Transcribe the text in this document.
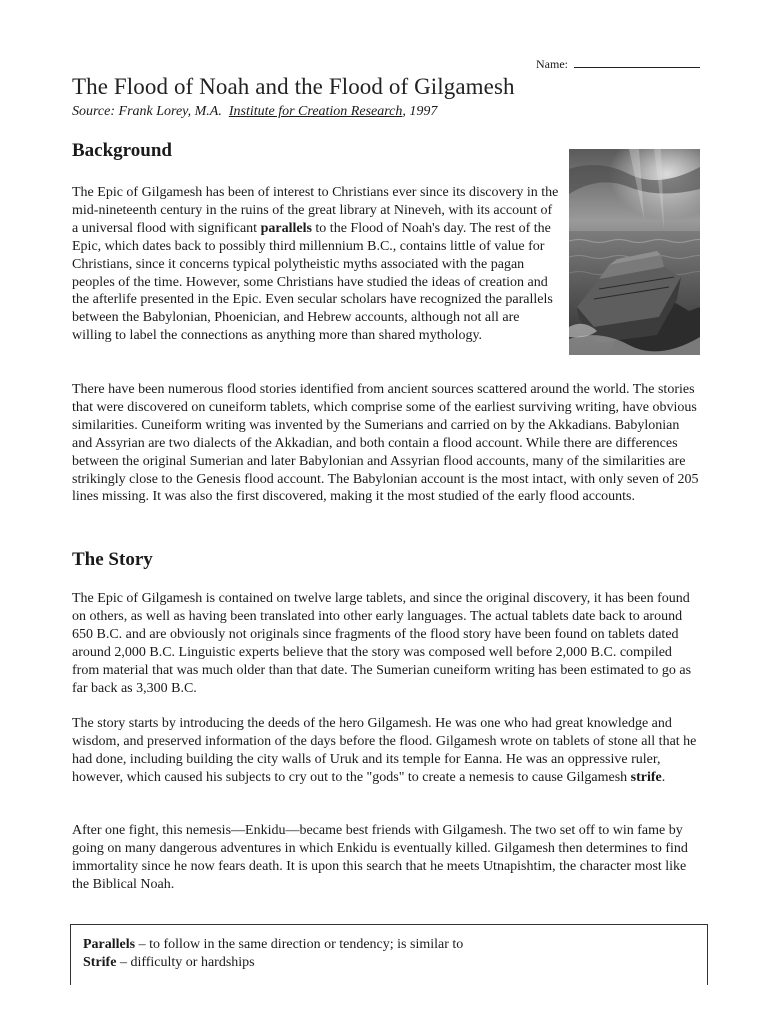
Name:
The Flood of Noah and the Flood of Gilgamesh
Source: Frank Lorey, M.A. Institute for Creation Research, 1997
Background

The Epic of Gilgamesh has been of interest to Christians ever since its discovery in the mid-nineteenth century in the ruins of the great library at Nineveh, with its account of a universal flood with significant parallels to the Flood of Noah's day. The rest of the Epic, which dates back to possibly third millennium B.C., contains little of value for Christians, since it concerns typical polytheistic myths associated with the pagan peoples of the time. However, some Christians have studied the ideas of creation and the afterlife presented in the Epic. Even secular scholars have recognized the parallels between the Babylonian, Phoenician, and Hebrew accounts, although not all are willing to label the connections as anything more than shared mythology.

There have been numerous flood stories identified from ancient sources scattered around the world. The stories that were discovered on cuneiform tablets, which comprise some of the earliest surviving writing, have obvious similarities. Cuneiform writing was invented by the Sumerians and carried on by the Akkadians. Babylonian and Assyrian are two dialects of the Akkadian, and both contain a flood account. While there are differences between the original Sumerian and later Babylonian and Assyrian flood accounts, many of the similarities are strikingly close to the Genesis flood account. The Babylonian account is the most intact, with only seven of 205 lines missing. It was also the first discovered, making it the most studied of the early flood accounts.

The Story

The Epic of Gilgamesh is contained on twelve large tablets, and since the original discovery, it has been found on others, as well as having been translated into other early languages. The actual tablets date back to around 650 B.C. and are obviously not originals since fragments of the flood story have been found on tablets dated around 2,000 B.C. Linguistic experts believe that the story was composed well before 2,000 B.C. compiled from material that was much older than that date. The Sumerian cuneiform writing has been estimated to go as far back as 3,300 B.C.

The story starts by introducing the deeds of the hero Gilgamesh. He was one who had great knowledge and wisdom, and preserved information of the days before the flood. Gilgamesh wrote on tablets of stone all that he had done, including building the city walls of Uruk and its temple for Eanna. He was an oppressive ruler, however, which caused his subjects to cry out to the "gods" to create a nemesis to cause Gilgamesh strife.

After one fight, this nemesis—Enkidu—became best friends with Gilgamesh. The two set off to win fame by going on many dangerous adventures in which Enkidu is eventually killed. Gilgamesh then determines to find immortality since he now fears death. It is upon this search that he meets Utnapishtim, the character most like the Biblical Noah.

Parallels – to follow in the same direction or tendency; is similar to
Strife – difficulty or hardships
